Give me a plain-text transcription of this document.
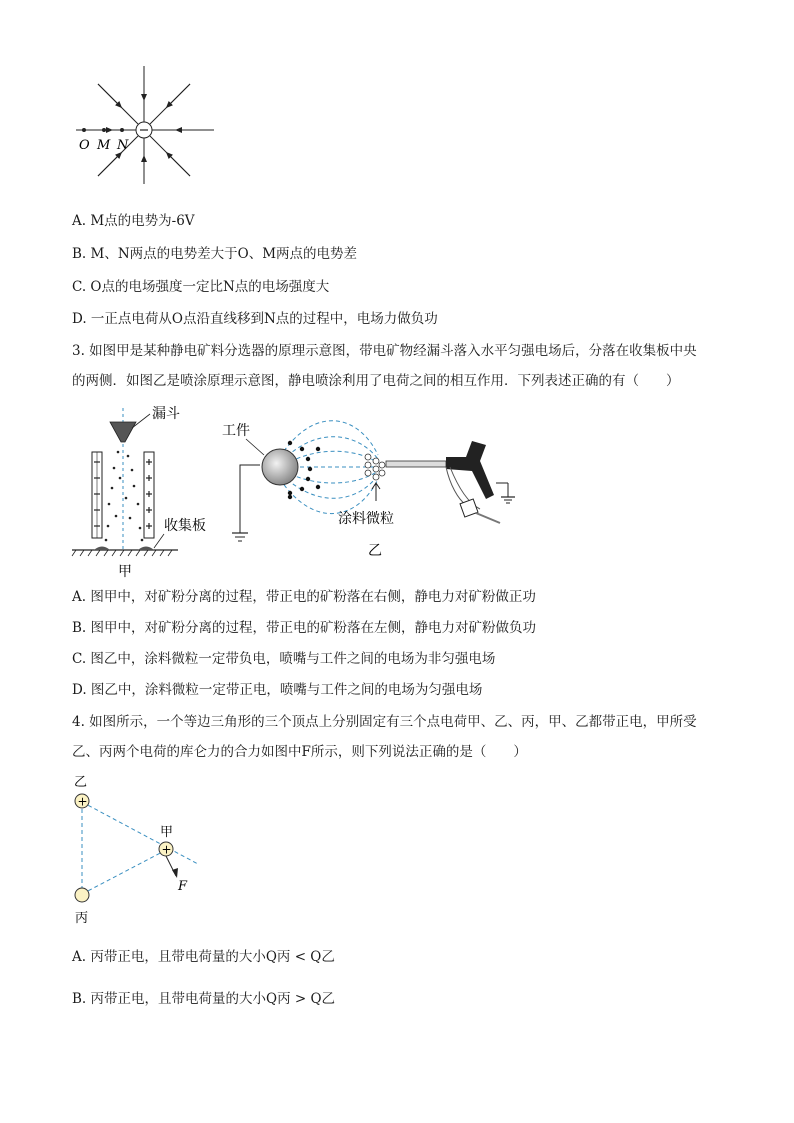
O M N
A. M点的电势为-6V
B. M、N两点的电势差大于O、M两点的电势差
C. O点的电场强度一定比N点的电场强度大
D. 一正点电荷从O点沿直线移到N点的过程中，电场力做负功
3. 如图甲是某种静电矿料分选器的原理示意图，带电矿物经漏斗落入水平匀强电场后，分落在收集板中央
的两侧．如图乙是喷涂原理示意图，静电喷涂利用了电荷之间的相互作用．下列表述正确的有（　　）
漏斗
收集板
甲
工件
涂料微粒
乙
A. 图甲中，对矿粉分离的过程，带正电的矿粉落在右侧，静电力对矿粉做正功
B. 图甲中，对矿粉分离的过程，带正电的矿粉落在左侧，静电力对矿粉做负功
C. 图乙中，涂料微粒一定带负电，喷嘴与工件之间的电场为非匀强电场
D. 图乙中，涂料微粒一定带正电，喷嘴与工件之间的电场为匀强电场
4. 如图所示，一个等边三角形的三个顶点上分别固定有三个点电荷甲、乙、丙，甲、乙都带正电，甲所受
乙、丙两个电荷的库仑力的合力如图中F所示，则下列说法正确的是（　　）
乙
+
+
甲
丙
F
A. 丙带正电，且带电荷量的大小Q丙 < Q乙
B. 丙带正电，且带电荷量的大小Q丙 > Q乙
